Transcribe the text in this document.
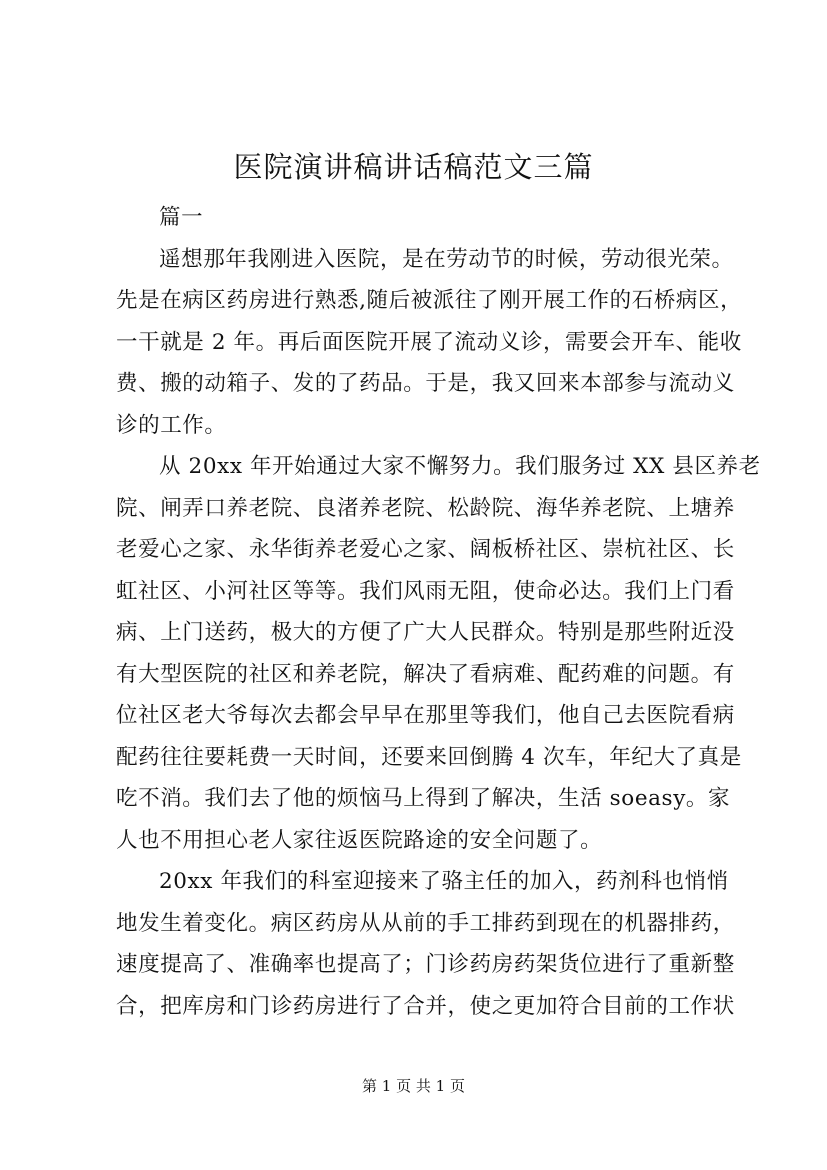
医院演讲稿讲话稿范文三篇
篇一
遥想那年我刚进入医院，是在劳动节的时候，劳动很光荣。
先是在病区药房进行熟悉,随后被派往了刚开展工作的石桥病区，
一干就是 2 年。再后面医院开展了流动义诊，需要会开车、能收
费、搬的动箱子、发的了药品。于是，我又回来本部参与流动义
诊的工作。
从 20xx 年开始通过大家不懈努力。我们服务过 XX 县区养老
院、闸弄口养老院、良渚养老院、松龄院、海华养老院、上塘养
老爱心之家、永华街养老爱心之家、阔板桥社区、崇杭社区、长
虹社区、小河社区等等。我们风雨无阻，使命必达。我们上门看
病、上门送药，极大的方便了广大人民群众。特别是那些附近没
有大型医院的社区和养老院，解决了看病难、配药难的问题。有
位社区老大爷每次去都会早早在那里等我们，他自己去医院看病
配药往往要耗费一天时间，还要来回倒腾 4 次车，年纪大了真是
吃不消。我们去了他的烦恼马上得到了解决，生活 soeasy。家
人也不用担心老人家往返医院路途的安全问题了。
20xx 年我们的科室迎接来了骆主任的加入，药剂科也悄悄
地发生着变化。病区药房从从前的手工排药到现在的机器排药，
速度提高了、准确率也提高了；门诊药房药架货位进行了重新整
合，把库房和门诊药房进行了合并，使之更加符合目前的工作状
第 1 页 共 1 页
